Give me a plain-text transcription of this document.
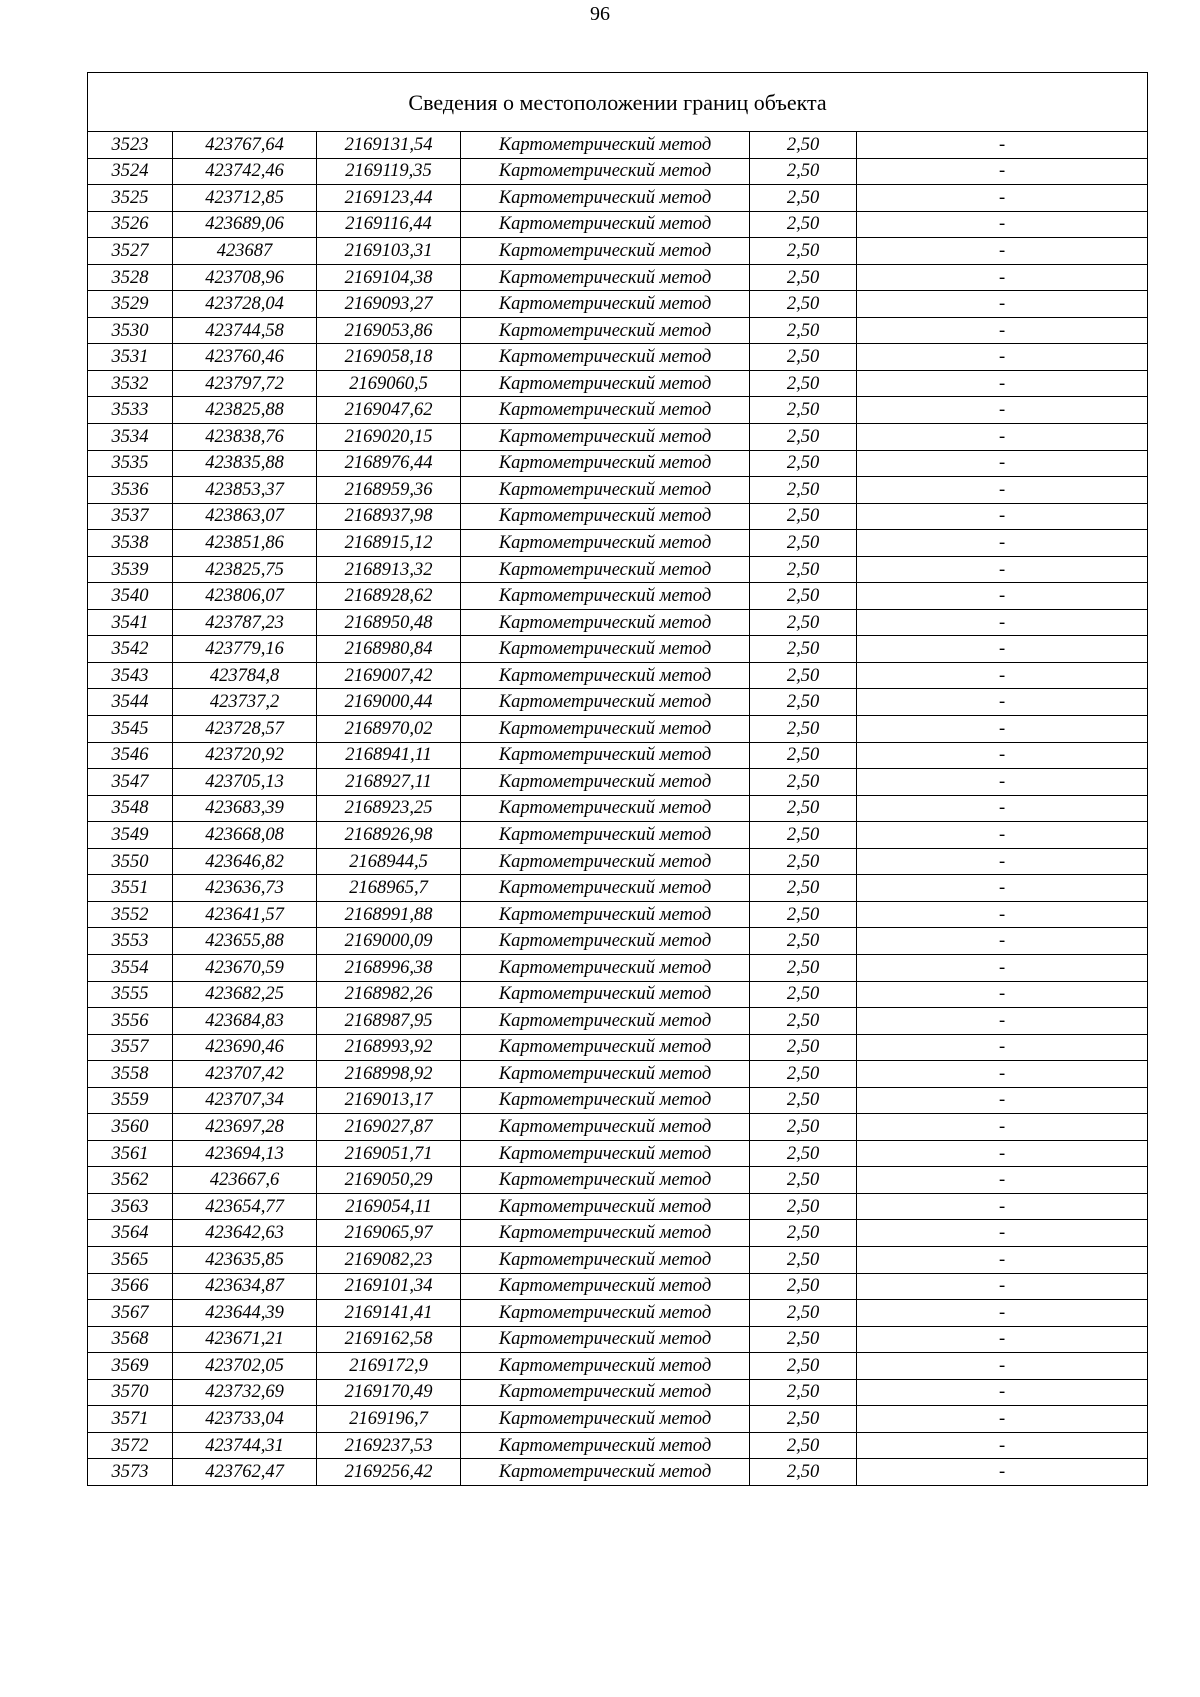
96
Сведения о местоположении границ объекта					
3523	423767,64	2169131,54	Картометрический метод	2,50	-
3524	423742,46	2169119,35	Картометрический метод	2,50	-
3525	423712,85	2169123,44	Картометрический метод	2,50	-
3526	423689,06	2169116,44	Картометрический метод	2,50	-
3527	423687	2169103,31	Картометрический метод	2,50	-
3528	423708,96	2169104,38	Картометрический метод	2,50	-
3529	423728,04	2169093,27	Картометрический метод	2,50	-
3530	423744,58	2169053,86	Картометрический метод	2,50	-
3531	423760,46	2169058,18	Картометрический метод	2,50	-
3532	423797,72	2169060,5	Картометрический метод	2,50	-
3533	423825,88	2169047,62	Картометрический метод	2,50	-
3534	423838,76	2169020,15	Картометрический метод	2,50	-
3535	423835,88	2168976,44	Картометрический метод	2,50	-
3536	423853,37	2168959,36	Картометрический метод	2,50	-
3537	423863,07	2168937,98	Картометрический метод	2,50	-
3538	423851,86	2168915,12	Картометрический метод	2,50	-
3539	423825,75	2168913,32	Картометрический метод	2,50	-
3540	423806,07	2168928,62	Картометрический метод	2,50	-
3541	423787,23	2168950,48	Картометрический метод	2,50	-
3542	423779,16	2168980,84	Картометрический метод	2,50	-
3543	423784,8	2169007,42	Картометрический метод	2,50	-
3544	423737,2	2169000,44	Картометрический метод	2,50	-
3545	423728,57	2168970,02	Картометрический метод	2,50	-
3546	423720,92	2168941,11	Картометрический метод	2,50	-
3547	423705,13	2168927,11	Картометрический метод	2,50	-
3548	423683,39	2168923,25	Картометрический метод	2,50	-
3549	423668,08	2168926,98	Картометрический метод	2,50	-
3550	423646,82	2168944,5	Картометрический метод	2,50	-
3551	423636,73	2168965,7	Картометрический метод	2,50	-
3552	423641,57	2168991,88	Картометрический метод	2,50	-
3553	423655,88	2169000,09	Картометрический метод	2,50	-
3554	423670,59	2168996,38	Картометрический метод	2,50	-
3555	423682,25	2168982,26	Картометрический метод	2,50	-
3556	423684,83	2168987,95	Картометрический метод	2,50	-
3557	423690,46	2168993,92	Картометрический метод	2,50	-
3558	423707,42	2168998,92	Картометрический метод	2,50	-
3559	423707,34	2169013,17	Картометрический метод	2,50	-
3560	423697,28	2169027,87	Картометрический метод	2,50	-
3561	423694,13	2169051,71	Картометрический метод	2,50	-
3562	423667,6	2169050,29	Картометрический метод	2,50	-
3563	423654,77	2169054,11	Картометрический метод	2,50	-
3564	423642,63	2169065,97	Картометрический метод	2,50	-
3565	423635,85	2169082,23	Картометрический метод	2,50	-
3566	423634,87	2169101,34	Картометрический метод	2,50	-
3567	423644,39	2169141,41	Картометрический метод	2,50	-
3568	423671,21	2169162,58	Картометрический метод	2,50	-
3569	423702,05	2169172,9	Картометрический метод	2,50	-
3570	423732,69	2169170,49	Картометрический метод	2,50	-
3571	423733,04	2169196,7	Картометрический метод	2,50	-
3572	423744,31	2169237,53	Картометрический метод	2,50	-
3573	423762,47	2169256,42	Картометрический метод	2,50	-
